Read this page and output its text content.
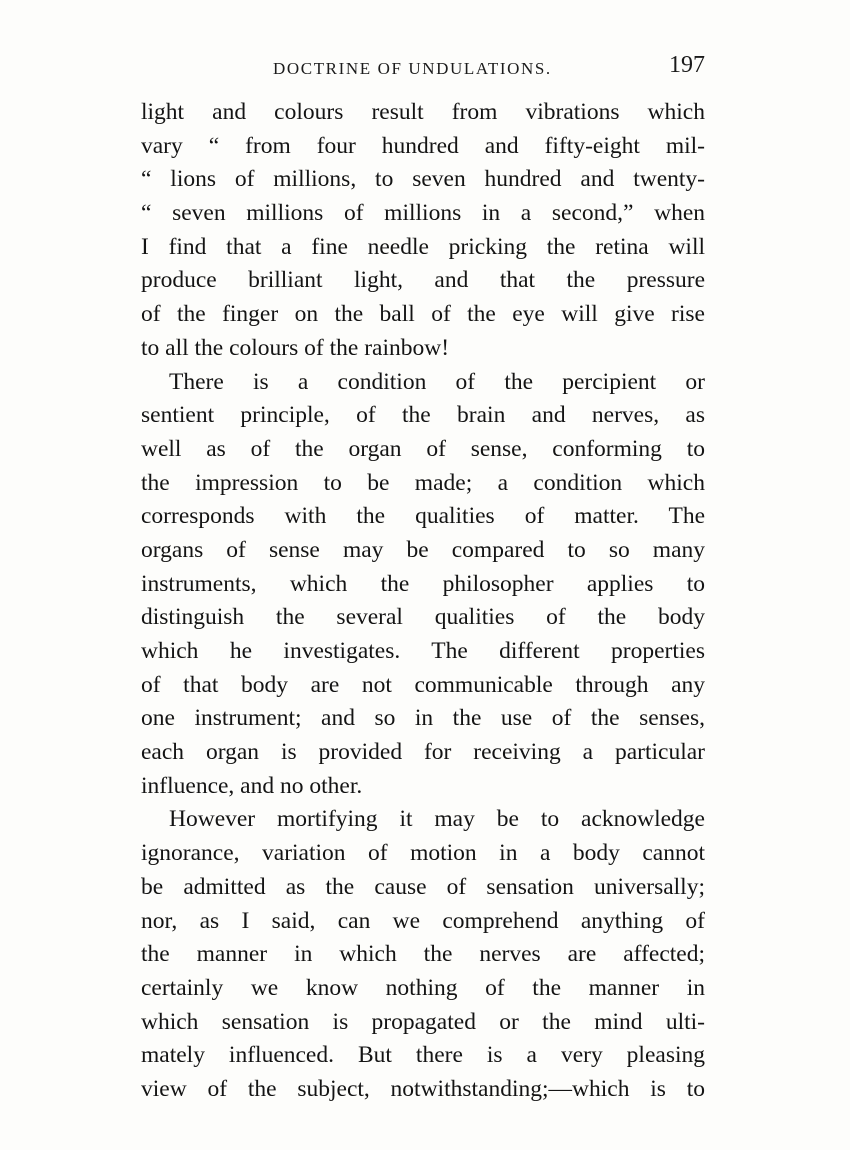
DOCTRINE OF UNDULATIONS.	197
light and colours result from vibrations which
vary “ from four hundred and fifty-eight mil-
“ lions of millions, to seven hundred and twenty-
“ seven millions of millions in a second,” when
I find that a fine needle pricking the retina will
produce brilliant light, and that the pressure
of the finger on the ball of the eye will give rise
to all the colours of the rainbow!
There is a condition of the percipient or
sentient principle, of the brain and nerves, as
well as of the organ of sense, conforming to
the impression to be made; a condition which
corresponds with the qualities of matter. The
organs of sense may be compared to so many
instruments, which the philosopher applies to
distinguish the several qualities of the body
which he investigates. The different properties
of that body are not communicable through any
one instrument; and so in the use of the senses,
each organ is provided for receiving a particular
influence, and no other.
However mortifying it may be to acknowledge
ignorance, variation of motion in a body cannot
be admitted as the cause of sensation universally;
nor, as I said, can we comprehend anything of
the manner in which the nerves are affected;
certainly we know nothing of the manner in
which sensation is propagated or the mind ulti-
mately influenced. But there is a very pleasing
view of the subject, notwithstanding;—which is to
